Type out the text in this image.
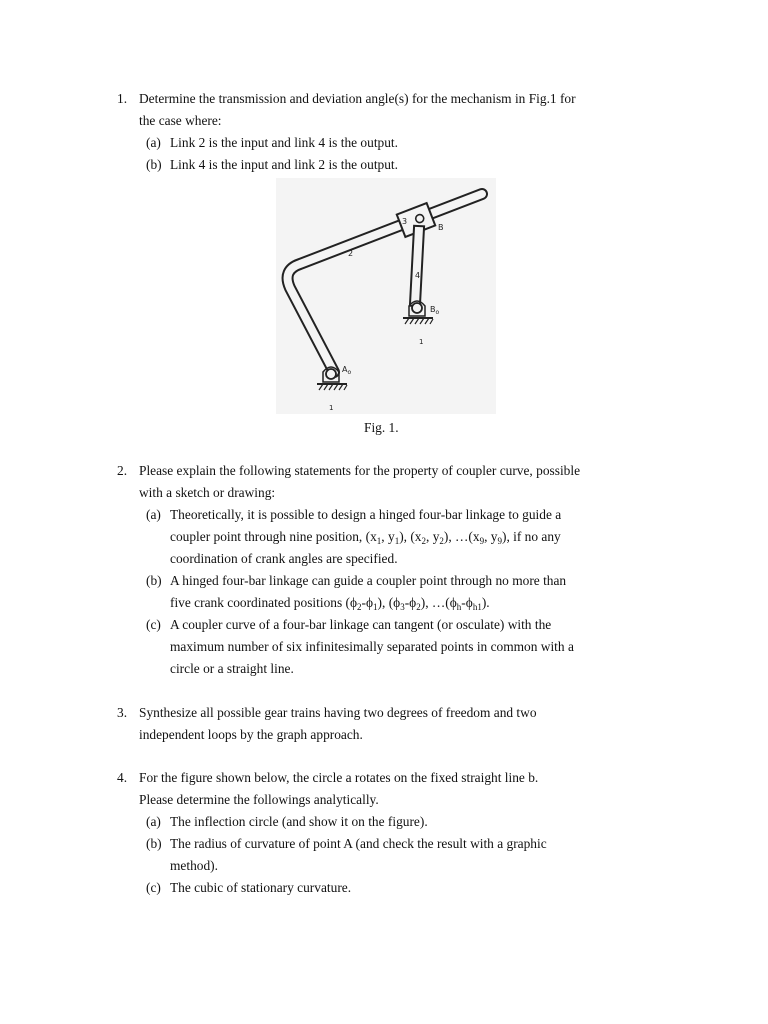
1. Determine the transmission and deviation angle(s) for the mechanism in Fig.1 for
the case where:
(a) Link 2 is the input and link 4 is the output.
(b) Link 4 is the input and link 2 is the output.
2
3
B
4
$B_o$
1
$A_o$
1
Fig. 1.
2. Please explain the following statements for the property of coupler curve, possible
with a sketch or drawing:
(a) Theoretically, it is possible to design a hinged four-bar linkage to guide a
coupler point through nine position, ($x_1$, $y_1$), ($x_2$, $y_2$), $\dots(x_9$, $y_9$), if no any
coordination of crank angles are specified.
(b) A hinged four-bar linkage can guide a coupler point through no more than
five crank coordinated positions $(\phi_2-\phi_1)$, $(\phi_3-\phi_2)$, $\dots(\phi_h-\phi_{h1})$.
(c) A coupler curve of a four-bar linkage can tangent (or osculate) with the
maximum number of six infinitesimally separated points in common with a
circle or a straight line.
3. Synthesize all possible gear trains having two degrees of freedom and two
independent loops by the graph approach.
4. For the figure shown below, the circle a rotates on the fixed straight line b.
Please determine the followings analytically.
(a) The inflection circle (and show it on the figure).
(b) The radius of curvature of point A (and check the result with a graphic
method).
(c) The cubic of stationary curvature.
